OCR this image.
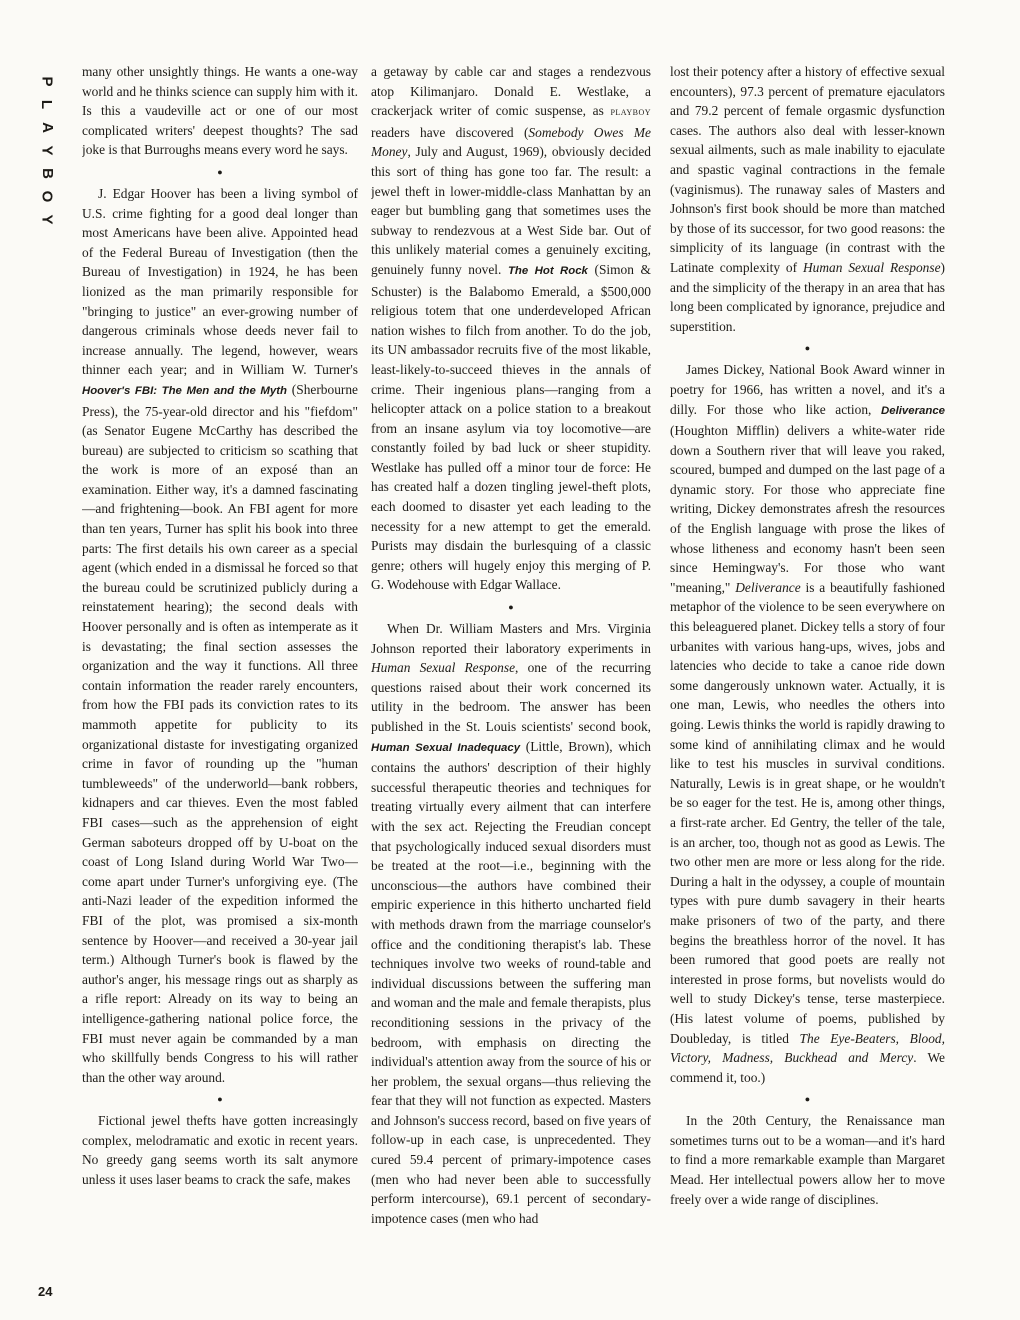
P
L
A
Y
B
O
Y
24

many other unsightly things. He wants a one-way world and he thinks science can supply him with it. Is this a vaudeville act or one of our most complicated writers' deepest thoughts? The sad joke is that Burroughs means every word he says.

●

J. Edgar Hoover has been a living symbol of U.S. crime fighting for a good deal longer than most Americans have been alive. Appointed head of the Federal Bureau of Investigation (then the Bureau of Investigation) in 1924, he has been lionized as the man primarily responsible for "bringing to justice" an ever-growing number of dangerous criminals whose deeds never fail to increase annually. The legend, however, wears thinner each year; and in William W. Turner's Hoover's FBI: The Men and the Myth (Sherbourne Press), the 75-year-old director and his "fiefdom" (as Senator Eugene McCarthy has described the bureau) are subjected to criticism so scathing that the work is more of an exposé than an examination. Either way, it's a damned fascinating—and frightening—book. An FBI agent for more than ten years, Turner has split his book into three parts: The first details his own career as a special agent (which ended in a dismissal he forced so that the bureau could be scrutinized publicly during a reinstatement hearing); the second deals with Hoover personally and is often as intemperate as it is devastating; the final section assesses the organization and the way it functions. All three contain information the reader rarely encounters, from how the FBI pads its conviction rates to its mammoth appetite for publicity to its organizational distaste for investigating organized crime in favor of rounding up the "human tumbleweeds" of the underworld—bank robbers, kidnapers and car thieves. Even the most fabled FBI cases—such as the apprehension of eight German saboteurs dropped off by U-boat on the coast of Long Island during World War Two—come apart under Turner's unforgiving eye. (The anti-Nazi leader of the expedition informed the FBI of the plot, was promised a six-month sentence by Hoover—and received a 30-year jail term.) Although Turner's book is flawed by the author's anger, his message rings out as sharply as a rifle report: Already on its way to being an intelligence-gathering national police force, the FBI must never again be commanded by a man who skillfully bends Congress to his will rather than the other way around.

●

Fictional jewel thefts have gotten increasingly complex, melodramatic and exotic in recent years. No greedy gang seems worth its salt anymore unless it uses laser beams to crack the safe, makes

a getaway by cable car and stages a rendezvous atop Kilimanjaro. Donald E. Westlake, a crackerjack writer of comic suspense, as playboy readers have discovered (Somebody Owes Me Money, July and August, 1969), obviously decided this sort of thing has gone too far. The result: a jewel theft in lower-middle-class Manhattan by an eager but bumbling gang that sometimes uses the subway to rendezvous at a West Side bar. Out of this unlikely material comes a genuinely exciting, genuinely funny novel. The Hot Rock (Simon & Schuster) is the Balabomo Emerald, a $500,000 religious totem that one underdeveloped African nation wishes to filch from another. To do the job, its UN ambassador recruits five of the most likable, least-likely-to-succeed thieves in the annals of crime. Their ingenious plans—ranging from a helicopter attack on a police station to a breakout from an insane asylum via toy locomotive—are constantly foiled by bad luck or sheer stupidity. Westlake has pulled off a minor tour de force: He has created half a dozen tingling jewel-theft plots, each doomed to disaster yet each leading to the necessity for a new attempt to get the emerald. Purists may disdain the burlesquing of a classic genre; others will hugely enjoy this merging of P. G. Wodehouse with Edgar Wallace.

●

When Dr. William Masters and Mrs. Virginia Johnson reported their laboratory experiments in Human Sexual Response, one of the recurring questions raised about their work concerned its utility in the bedroom. The answer has been published in the St. Louis scientists' second book, Human Sexual Inadequacy (Little, Brown), which contains the authors' description of their highly successful therapeutic theories and techniques for treating virtually every ailment that can interfere with the sex act. Rejecting the Freudian concept that psychologically induced sexual disorders must be treated at the root—i.e., beginning with the unconscious—the authors have combined their empiric experience in this hitherto uncharted field with methods drawn from the marriage counselor's office and the conditioning therapist's lab. These techniques involve two weeks of round-table and individual discussions between the suffering man and woman and the male and female therapists, plus reconditioning sessions in the privacy of the bedroom, with emphasis on directing the individual's attention away from the source of his or her problem, the sexual organs—thus relieving the fear that they will not function as expected. Masters and Johnson's success record, based on five years of follow-up in each case, is unprecedented. They cured 59.4 percent of primary-impotence cases (men who had never been able to successfully perform intercourse), 69.1 percent of secondary-impotence cases (men who had

lost their potency after a history of effective sexual encounters), 97.3 percent of premature ejaculators and 79.2 percent of female orgasmic dysfunction cases. The authors also deal with lesser-known sexual ailments, such as male inability to ejaculate and spastic vaginal contractions in the female (vaginismus). The runaway sales of Masters and Johnson's first book should be more than matched by those of its successor, for two good reasons: the simplicity of its language (in contrast with the Latinate complexity of Human Sexual Response) and the simplicity of the therapy in an area that has long been complicated by ignorance, prejudice and superstition.

●

James Dickey, National Book Award winner in poetry for 1966, has written a novel, and it's a dilly. For those who like action, Deliverance (Houghton Mifflin) delivers a white-water ride down a Southern river that will leave you raked, scoured, bumped and dumped on the last page of a dynamic story. For those who appreciate fine writing, Dickey demonstrates afresh the resources of the English language with prose the likes of whose litheness and economy hasn't been seen since Hemingway's. For those who want "meaning," Deliverance is a beautifully fashioned metaphor of the violence to be seen everywhere on this beleaguered planet. Dickey tells a story of four urbanites with various hang-ups, wives, jobs and latencies who decide to take a canoe ride down some dangerously unknown water. Actually, it is one man, Lewis, who needles the others into going. Lewis thinks the world is rapidly drawing to some kind of annihilating climax and he would like to test his muscles in survival conditions. Naturally, Lewis is in great shape, or he wouldn't be so eager for the test. He is, among other things, a first-rate archer. Ed Gentry, the teller of the tale, is an archer, too, though not as good as Lewis. The two other men are more or less along for the ride. During a halt in the odyssey, a couple of mountain types with pure dumb savagery in their hearts make prisoners of two of the party, and there begins the breathless horror of the novel. It has been rumored that good poets are really not interested in prose forms, but novelists would do well to study Dickey's tense, terse masterpiece. (His latest volume of poems, published by Doubleday, is titled The Eye-Beaters, Blood, Victory, Madness, Buckhead and Mercy. We commend it, too.)

●

In the 20th Century, the Renaissance man sometimes turns out to be a woman—and it's hard to find a more remarkable example than Margaret Mead. Her intellectual powers allow her to move freely over a wide range of disciplines.
